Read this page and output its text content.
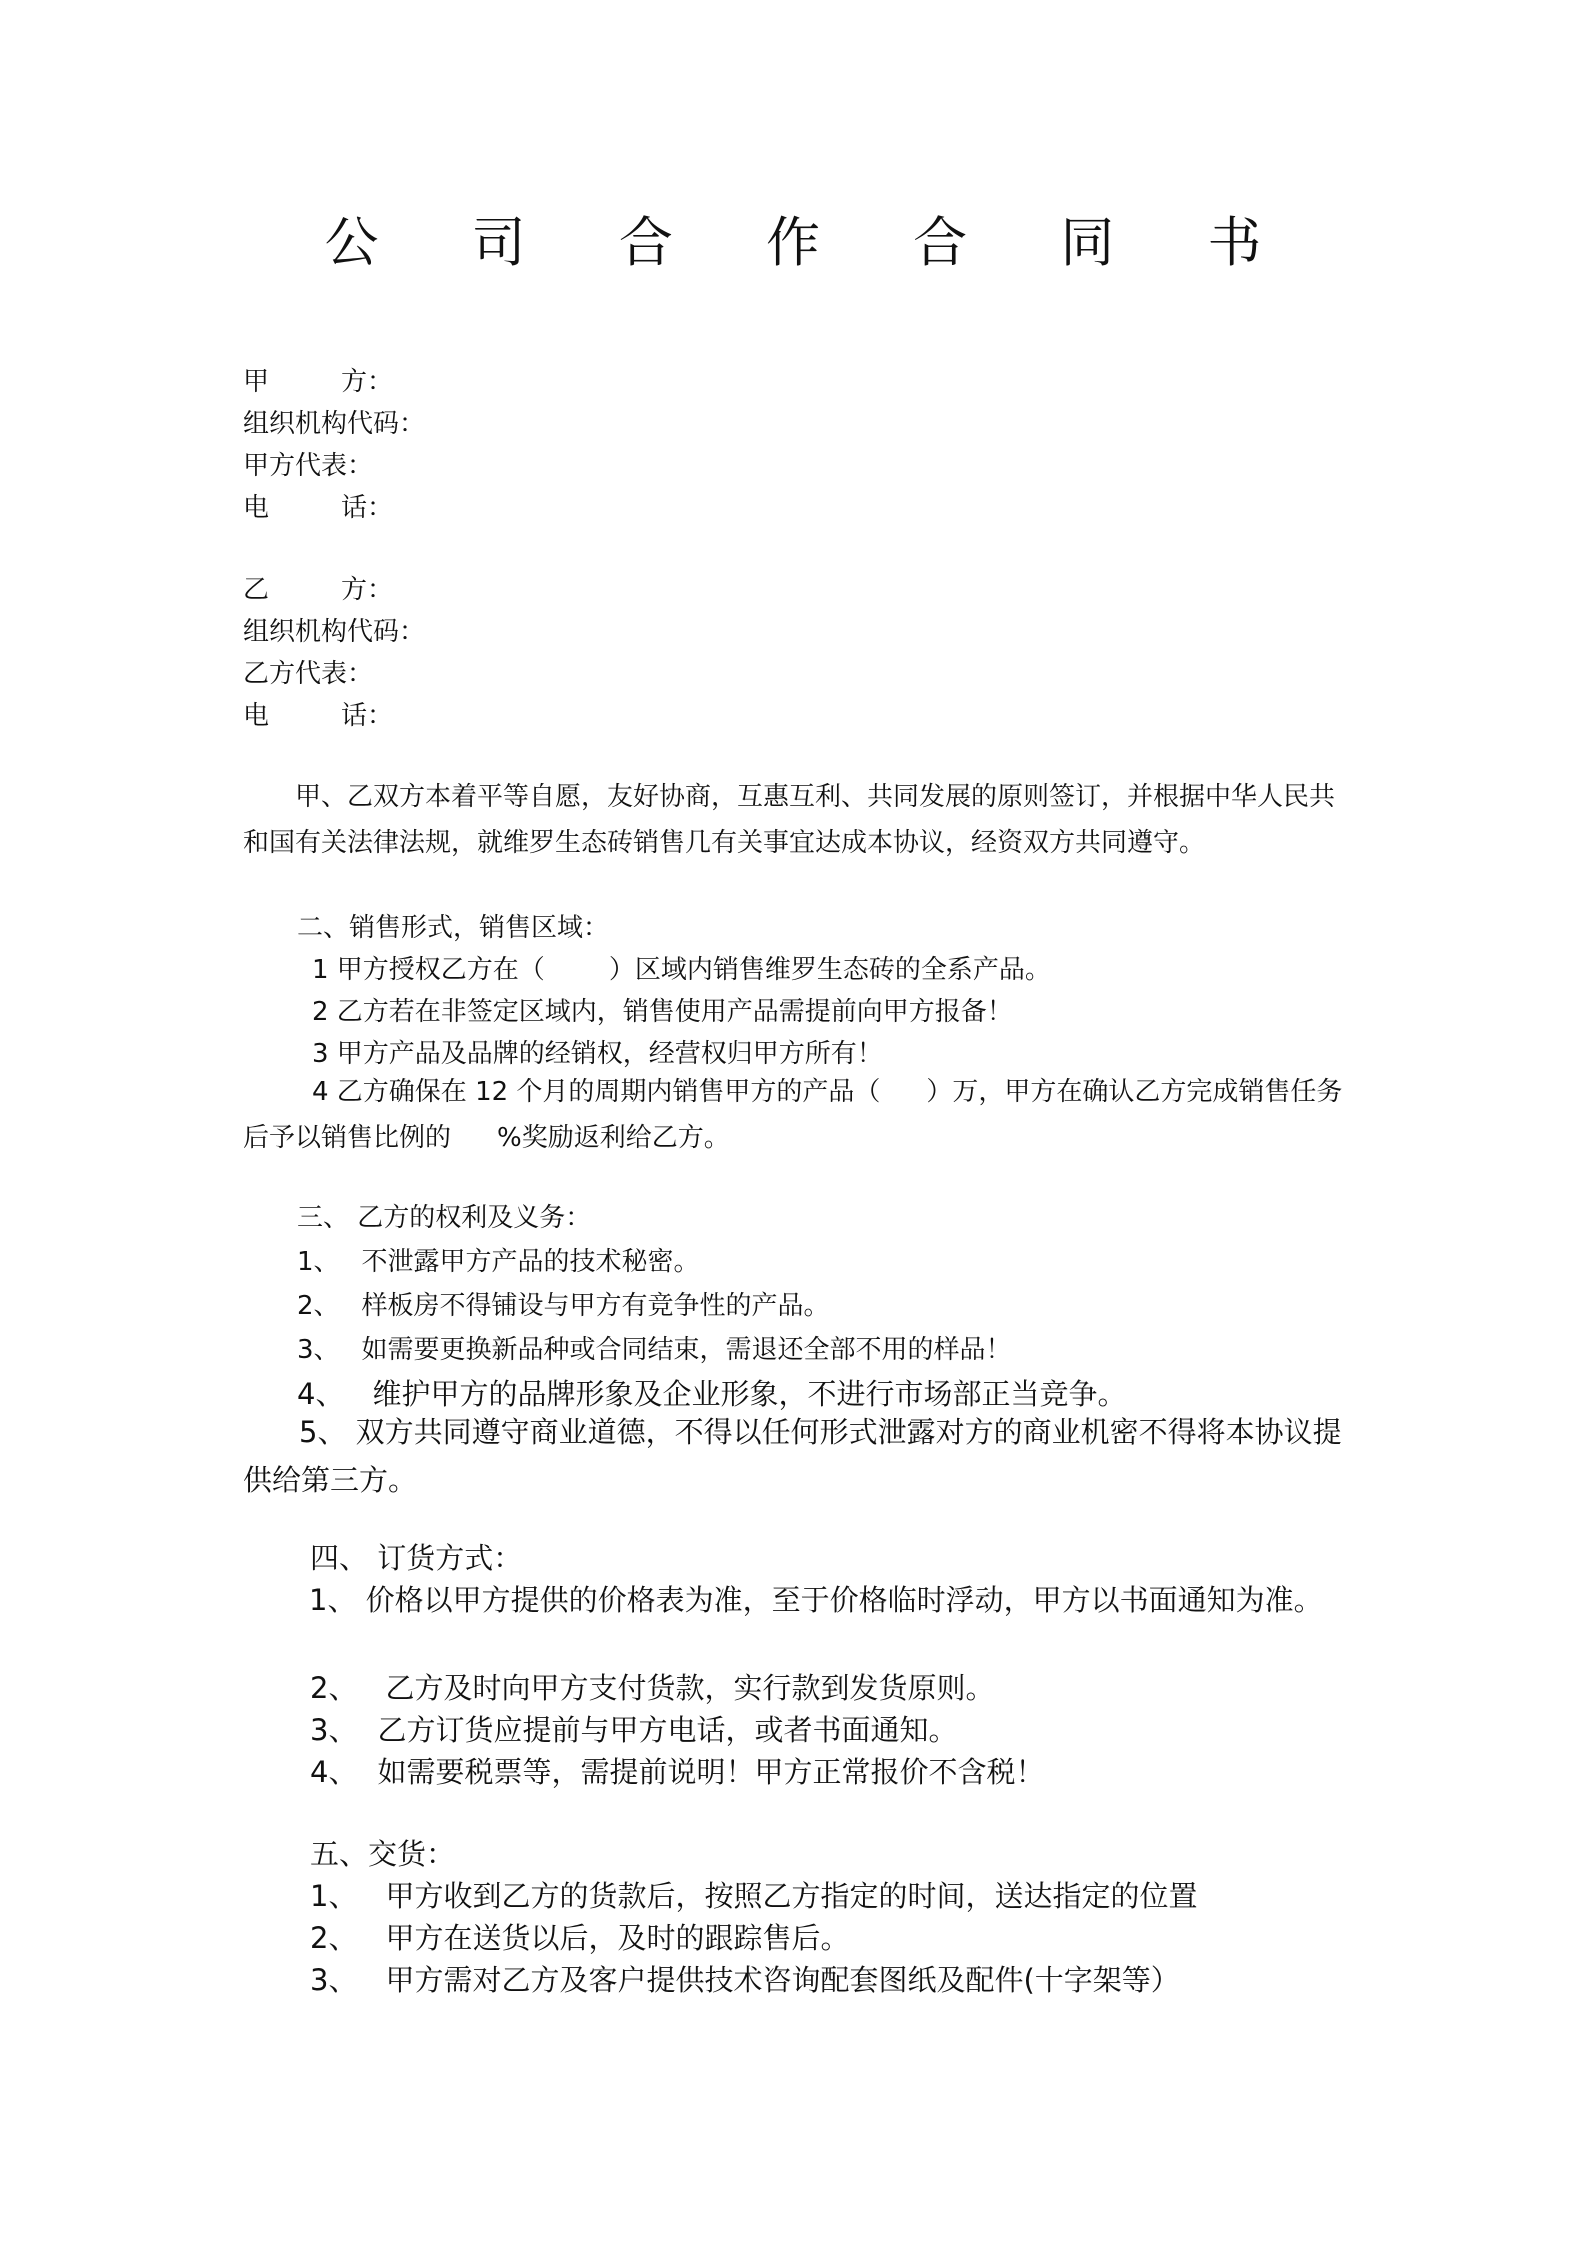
公 司 合 作 合 同 书
甲	方：
组织机构代码：
甲方代表：
电	话：
乙	方：
组织机构代码：
乙方代表：
电	话：
甲、乙双方本着平等自愿，友好协商，互惠互利、共同发展的原则签订，并根据中华人民共和国有关法律法规，就维罗生态砖销售几有关事宜达成本协议，经资双方共同遵守。
二、销售形式，销售区域：
1 甲方授权乙方在（ ）区域内销售维罗生态砖的全系产品。
2 乙方若在非签定区域内，销售使用产品需提前向甲方报备！
3 甲方产品及品牌的经销权，经营权归甲方所有！
4 乙方确保在 12 个月的周期内销售甲方的产品（ ）万，甲方在确认乙方完成销售任务后予以销售比例的 %奖励返利给乙方。
三、 乙方的权利及义务：
1、 不泄露甲方产品的技术秘密。
2、 样板房不得铺设与甲方有竞争性的产品。
3、 如需要更换新品种或合同结束，需退还全部不用的样品！
4、 维护甲方的品牌形象及企业形象，不进行市场部正当竞争。
5、 双方共同遵守商业道德，不得以任何形式泄露对方的商业机密不得将本协议提供给第三方。
四、 订货方式：
1、 价格以甲方提供的价格表为准，至于价格临时浮动，甲方以书面通知为准。
2、 乙方及时向甲方支付货款，实行款到发货原则。
3、 乙方订货应提前与甲方电话，或者书面通知。
4、 如需要税票等，需提前说明！甲方正常报价不含税！
五、交货：
1、 甲方收到乙方的货款后，按照乙方指定的时间，送达指定的位置
2、 甲方在送货以后，及时的跟踪售后。
3、 甲方需对乙方及客户提供技术咨询配套图纸及配件(十字架等）
